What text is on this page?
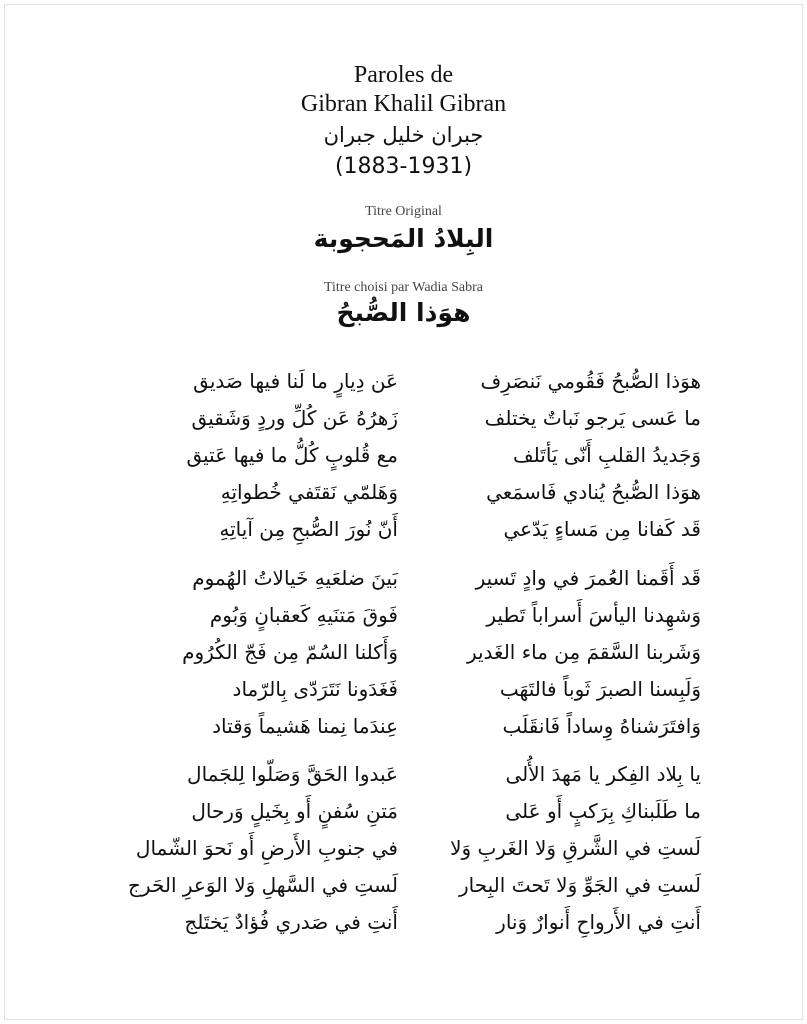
Paroles de
Gibran Khalil Gibran
جبران خليل جبران
(1883-1931)
Titre Original
البِلادُ المَحجوبة
Titre choisi par Wadia Sabra
هوَذا الصُّبحُ
هوَذا الصُّبحُ فَقُومي نَنصَرِف
عَن دِيارٍ ما لَنا فيها صَديق
ما عَسى يَرجو نَباتٌ يختلف
زَهرُهُ عَن كُلِّ وردٍ وَشَقيق
وَجَديدُ القلبِ أَنّى يَأتَلف
مع قُلوبٍ كُلُّ ما فيها عَتيق
هوَذا الصُّبحُ يُنادي فَاسمَعي
وَهَلمّي نَقتَفي خُطواتِهِ
قَد كَفانا مِن مَساءٍ يَدّعي
أَنّ نُورَ الصُّبحِ مِن آياتِهِ
قَد أَقَمنا العُمرَ في وادٍ تَسير
بَينَ ضلعَيهِ خَيالاتُ الهُموم
وَشهِدنا اليأسَ أَسراباً تَطير
فَوقَ مَتنَيهِ كَعقبانٍ وَبُوم
وَشَربنا السَّقمَ مِن ماء الغَدير
وَأَكلنا السُمّ مِن فَجّ الكُرُوم
وَلَبِسنا الصبرَ ثَوباً فالتَهَب
فَغَدَونا نَتَرَدّى بِالرّماد
وَافتَرَشناهُ وِساداً فَانقَلَب
عِندَما نِمنا هَشيماً وَقتاد
يا بِلاد الفِكر يا مَهدَ الأُلى
عَبدوا الحَقَّ وَصَلّوا لِلجَمال
ما طَلَبناكِ بِرَكبٍ أَو عَلى
مَتنِ سُفنٍ أَو بِخَيلٍ وَرحال
لَستِ في الشَّرقِ وَلا الغَربِ وَلا
في جنوبِ الأَرضِ أَو نَحوَ الشّمال
لَستِ في الجَوِّ وَلا تَحتَ البِحار
لَستِ في السَّهلِ وَلا الوَعرِ الحَرج
أَنتِ في الأَرواحِ أَنوارٌ وَنار
أَنتِ في صَدري فُؤادٌ يَختَلج
